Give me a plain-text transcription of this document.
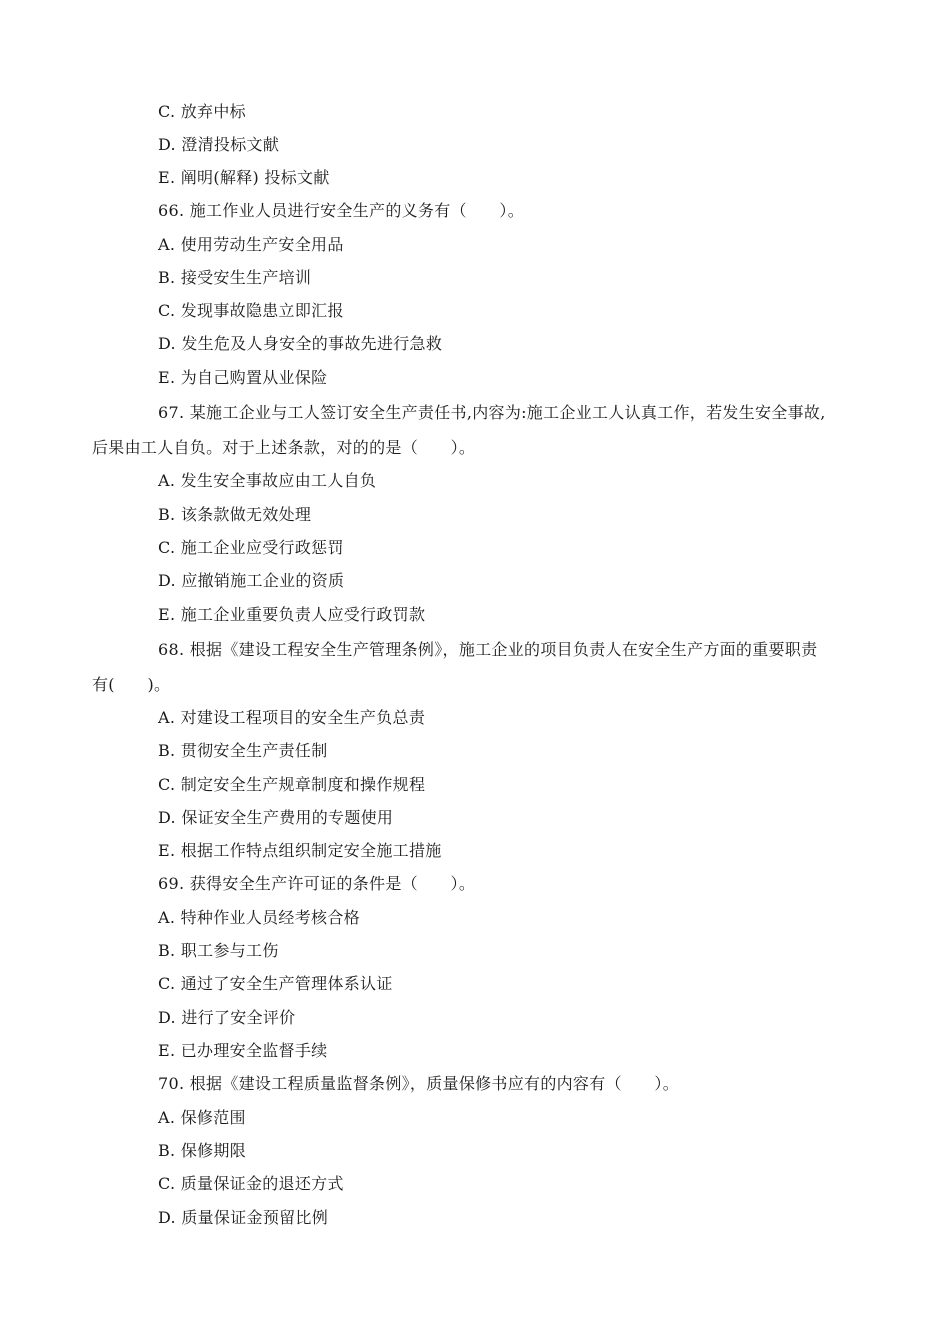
C. 放弃中标
D. 澄清投标文献
E. 阐明(解释) 投标文献
66. 施工作业人员进行安全生产的义务有（　　）。
A. 使用劳动生产安全用品
B. 接受安生生产培训
C. 发现事故隐患立即汇报
D. 发生危及人身安全的事故先进行急救
E. 为自己购置从业保险
67. 某施工企业与工人签订安全生产责任书,内容为:施工企业工人认真工作，若发生安全事故,
后果由工人自负。对于上述条款，对的的是（　　）。
A. 发生安全事故应由工人自负
B. 该条款做无效处理
C. 施工企业应受行政惩罚
D. 应撤销施工企业的资质
E. 施工企业重要负责人应受行政罚款
68. 根据《建设工程安全生产管理条例》，施工企业的项目负责人在安全生产方面的重要职责
有(　　)。
A. 对建设工程项目的安全生产负总责
B. 贯彻安全生产责任制
C. 制定安全生产规章制度和操作规程
D. 保证安全生产费用的专题使用
E. 根据工作特点组织制定安全施工措施
69. 获得安全生产许可证的条件是（　　）。
A. 特种作业人员经考核合格
B. 职工参与工伤
C. 通过了安全生产管理体系认证
D. 进行了安全评价
E. 已办理安全监督手续
70. 根据《建设工程质量监督条例》，质量保修书应有的内容有（　　）。
A. 保修范围
B. 保修期限
C. 质量保证金的退还方式
D. 质量保证金预留比例
